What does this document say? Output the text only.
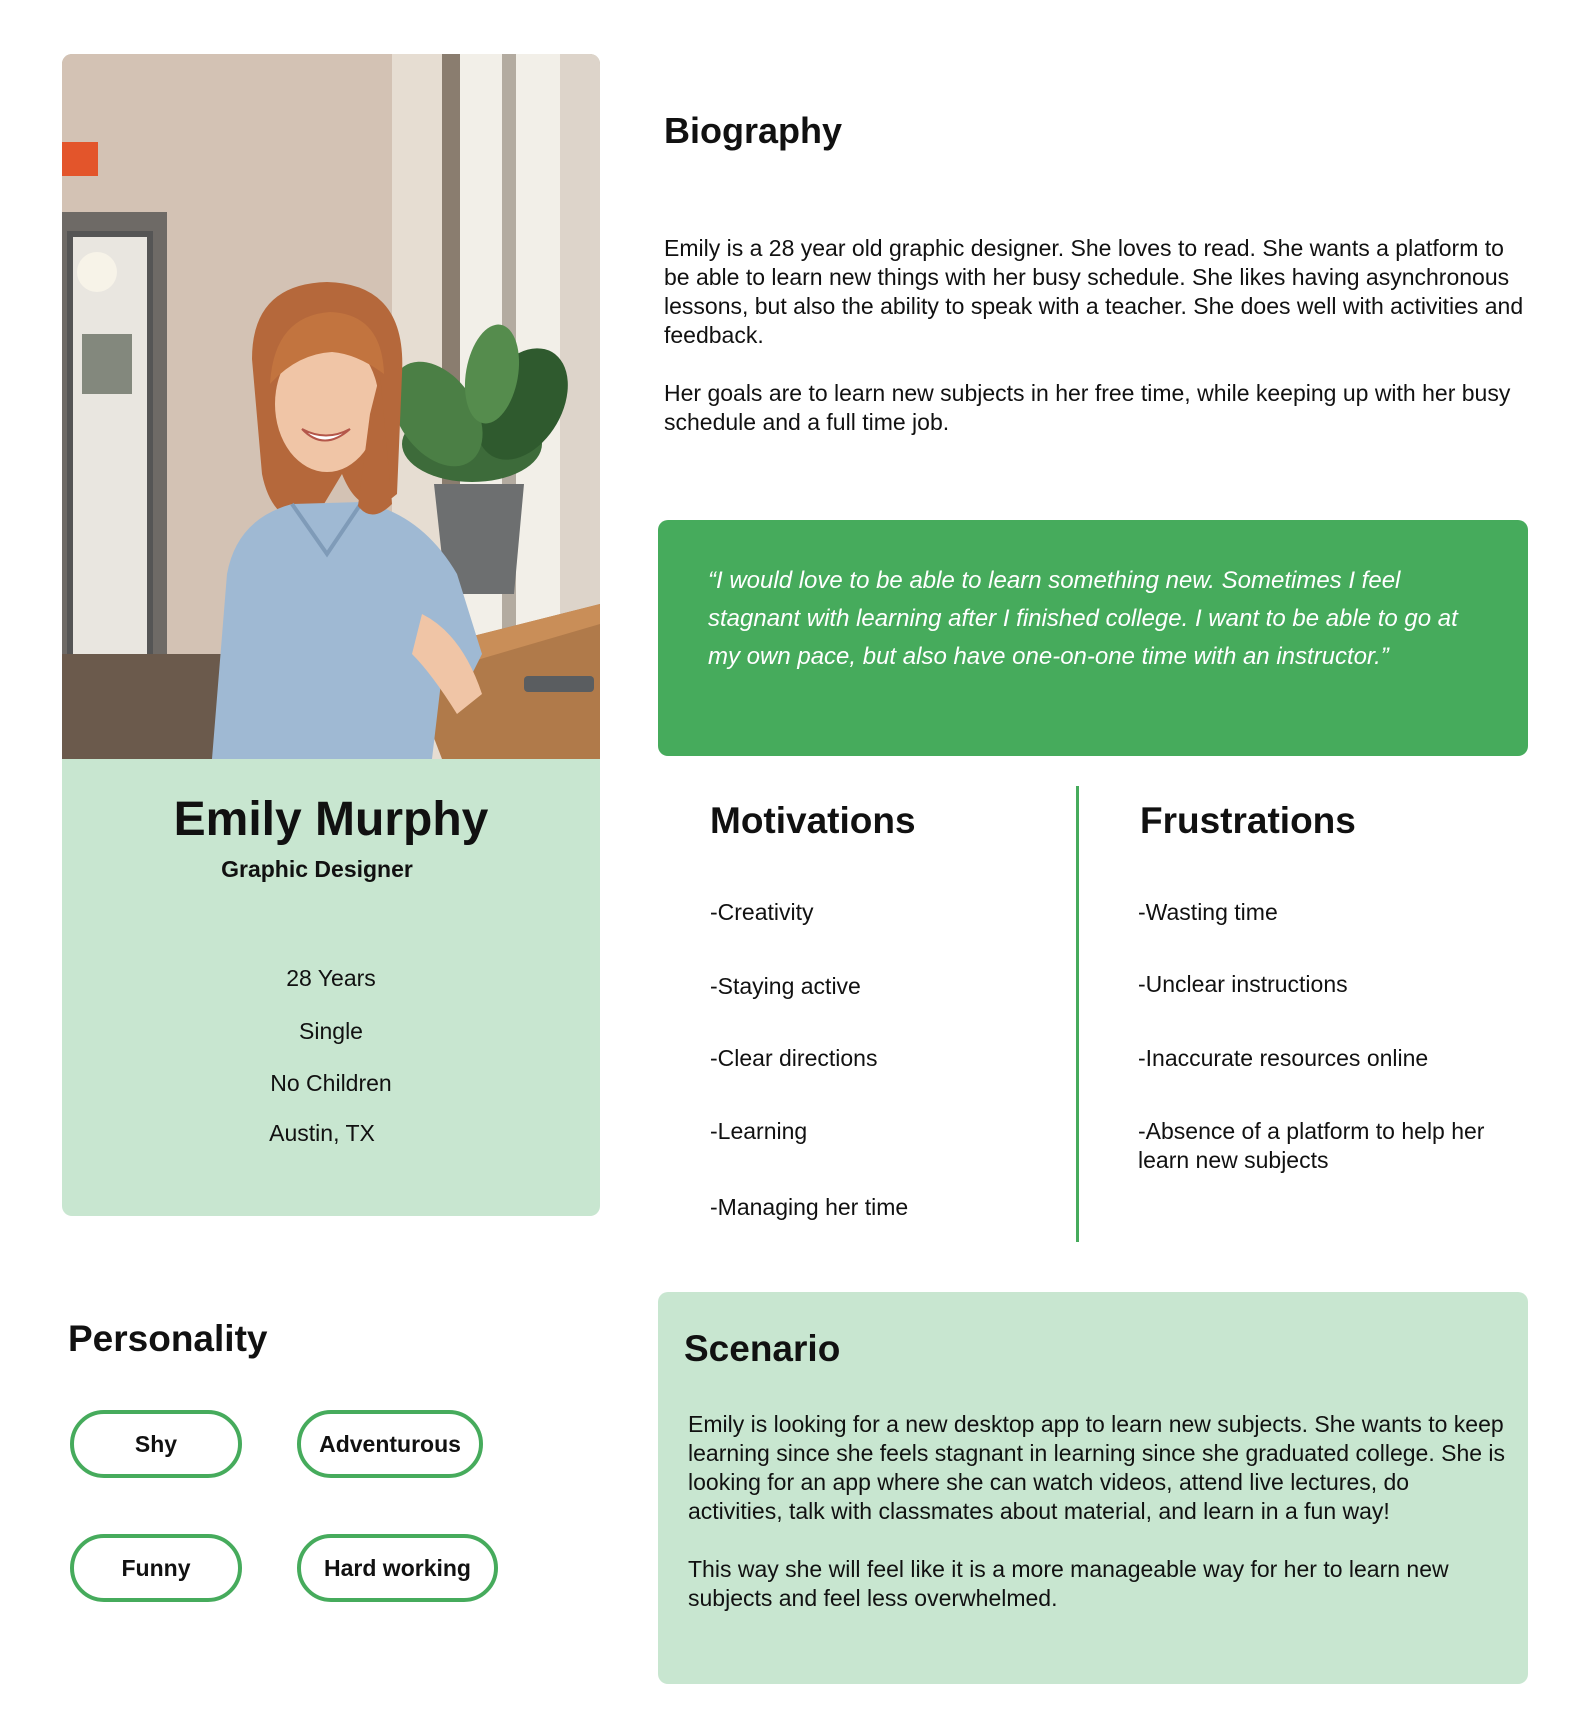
Emily Murphy
Graphic Designer
28 Years
Single
No Children
Austin, TX
Biography

Emily is a 28 year old graphic designer. She loves to read. She wants a platform to be able to learn new things with her busy schedule. She likes having asynchronous lessons, but also the ability to speak with a teacher. She does well with activities and feedback.

Her goals are to learn new subjects in her free time, while keeping up with her busy schedule and a full time job.

“I would love to be able to learn something new. Sometimes I feel stagnant with learning after I finished college. I want to be able to go at my own pace, but also have one-on-one time with an instructor.”
Motivations
-Creativity
-Staying active
-Clear directions
-Learning
-Managing her time
Frustrations
-Wasting time
-Unclear instructions
-Inaccurate resources online
-Absence of a platform to help her learn new subjects
Personality
Shy	Adventurous
Funny	Hard working
Scenario

Emily is looking for a new desktop app to learn new subjects. She wants to keep learning since she feels stagnant in learning since she graduated college. She is looking for an app where she can watch videos, attend live lectures, do activities, talk with classmates about material, and learn in a fun way!

This way she will feel like it is a more manageable way for her to learn new subjects and feel less overwhelmed.
